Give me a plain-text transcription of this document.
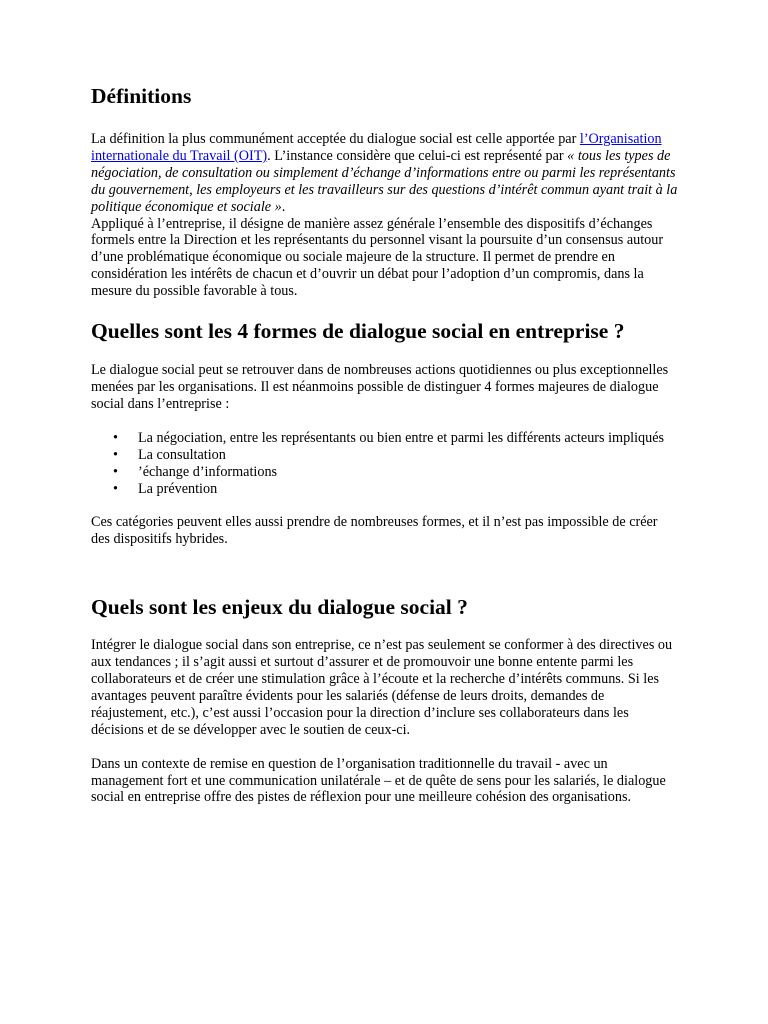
Définitions

La définition la plus communément acceptée du dialogue social est celle apportée par l’Organisation internationale du Travail (OIT). L’instance considère que celui-ci est représenté par « tous les types de négociation, de consultation ou simplement d’échange d’informations entre ou parmi les représentants du gouvernement, les employeurs et les travailleurs sur des questions d’intérêt commun ayant trait à la politique économique et sociale ».

Appliqué à l’entreprise, il désigne de manière assez générale l’ensemble des dispositifs d’échanges formels entre la Direction et les représentants du personnel visant la poursuite d’un consensus autour d’une problématique économique ou sociale majeure de la structure. Il permet de prendre en considération les intérêts de chacun et d’ouvrir un débat pour l’adoption d’un compromis, dans la mesure du possible favorable à tous.

Quelles sont les 4 formes de dialogue social en entreprise ?

Le dialogue social peut se retrouver dans de nombreuses actions quotidiennes ou plus exceptionnelles menées par les organisations. Il est néanmoins possible de distinguer 4 formes majeures de dialogue social dans l’entreprise :

• La négociation, entre les représentants ou bien entre et parmi les différents acteurs impliqués
• La consultation
• ’échange d’informations
• La prévention

Ces catégories peuvent elles aussi prendre de nombreuses formes, et il n’est pas impossible de créer des dispositifs hybrides.

Quels sont les enjeux du dialogue social ?

Intégrer le dialogue social dans son entreprise, ce n’est pas seulement se conformer à des directives ou aux tendances ; il s’agit aussi et surtout d’assurer et de promouvoir une bonne entente parmi les collaborateurs et de créer une stimulation grâce à l’écoute et la recherche d’intérêts communs. Si les avantages peuvent paraître évidents pour les salariés (défense de leurs droits, demandes de réajustement, etc.), c’est aussi l’occasion pour la direction d’inclure ses collaborateurs dans les décisions et de se développer avec le soutien de ceux-ci.

Dans un contexte de remise en question de l’organisation traditionnelle du travail - avec un management fort et une communication unilatérale – et de quête de sens pour les salariés, le dialogue social en entreprise offre des pistes de réflexion pour une meilleure cohésion des organisations.
